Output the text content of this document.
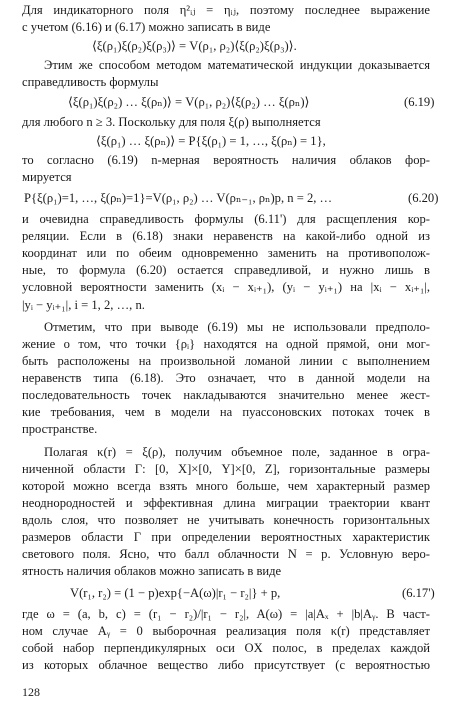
Для индикаторного поля η²ᵢⱼ = ηᵢⱼ, поэтому последнее выражение
с учетом (6.16) и (6.17) можно записать в виде
⟨ξ(ρ₁)ξ(ρ₂)ξ(ρ₃)⟩ = V(ρ₁, ρ₂)⟨ξ(ρ₂)ξ(ρ₃)⟩.
Этим же способом методом математической индукции доказывается
справедливость формулы
⟨ξ(ρ₁)ξ(ρ₂) … ξ(ρₙ)⟩ = V(ρ₁, ρ₂)⟨ξ(ρ₂) … ξ(ρₙ)⟩	(6.19)
для любого n ≥ 3. Поскольку для поля ξ(ρ) выполняется
⟨ξ(ρ₁) … ξ(ρₙ)⟩ = P{ξ(ρ₁) = 1, …, ξ(ρₙ) = 1},
то согласно (6.19) n-мерная вероятность наличия облаков фор-
мируется
P{ξ(ρ₁)=1, …, ξ(ρₙ)=1}=V(ρ₁, ρ₂) … V(ρₙ₋₁, ρₙ)p, n = 2, …	(6.20)
и очевидна справедливость формулы (6.11') для расщепления кор-
реляции. Если в (6.18) знаки неравенств на какой-либо одной из
координат или по обеим одновременно заменить на противополож-
ные, то формула (6.20) остается справедливой, и нужно лишь в
условной вероятности заменить (xᵢ − xᵢ₊₁), (yᵢ − yᵢ₊₁) на |xᵢ − xᵢ₊₁|,
|yᵢ − yᵢ₊₁|, i = 1, 2, …, n.
Отметим, что при выводе (6.19) мы не использовали предполо-
жение о том, что точки {ρᵢ} находятся на одной прямой, они мог-
быть расположены на произвольной ломаной линии с выполнением
неравенств типа (6.18). Это означает, что в данной модели на
последовательность точек накладываются значительно менее жест-
кие требования, чем в модели на пуассоновских потоках точек в
пространстве.
Полагая κ(r) = ξ(ρ), получим объемное поле, заданное в огра-
ниченной области Γ: [0, X]×[0, Y]×[0, Z], горизонтальные размеры
которой можно всегда взять много больше, чем характерный размер
неоднородностей и эффективная длина миграции траектории квант
вдоль слоя, что позволяет не учитывать конечность горизонтальных
размеров области Γ при определении вероятностных характеристик
светового поля. Ясно, что балл облачности N = p. Условную веро-
ятность наличия облаков можно записать в виде
V(r₁, r₂) = (1 − p)exp{−A(ω)|r₁ − r₂|} + p,	(6.17')
где ω = (a, b, c) = (r₁ − r₂)/|r₁ − r₂|, A(ω) = |a|Aₓ + |b|Aᵧ. В част-
ном случае Aᵧ = 0 выборочная реализация поля κ(r) представляет
собой набор перпендикулярных оси OX полос, в пределах каждой
из которых облачное вещество либо присутствует (с вероятностью
128
